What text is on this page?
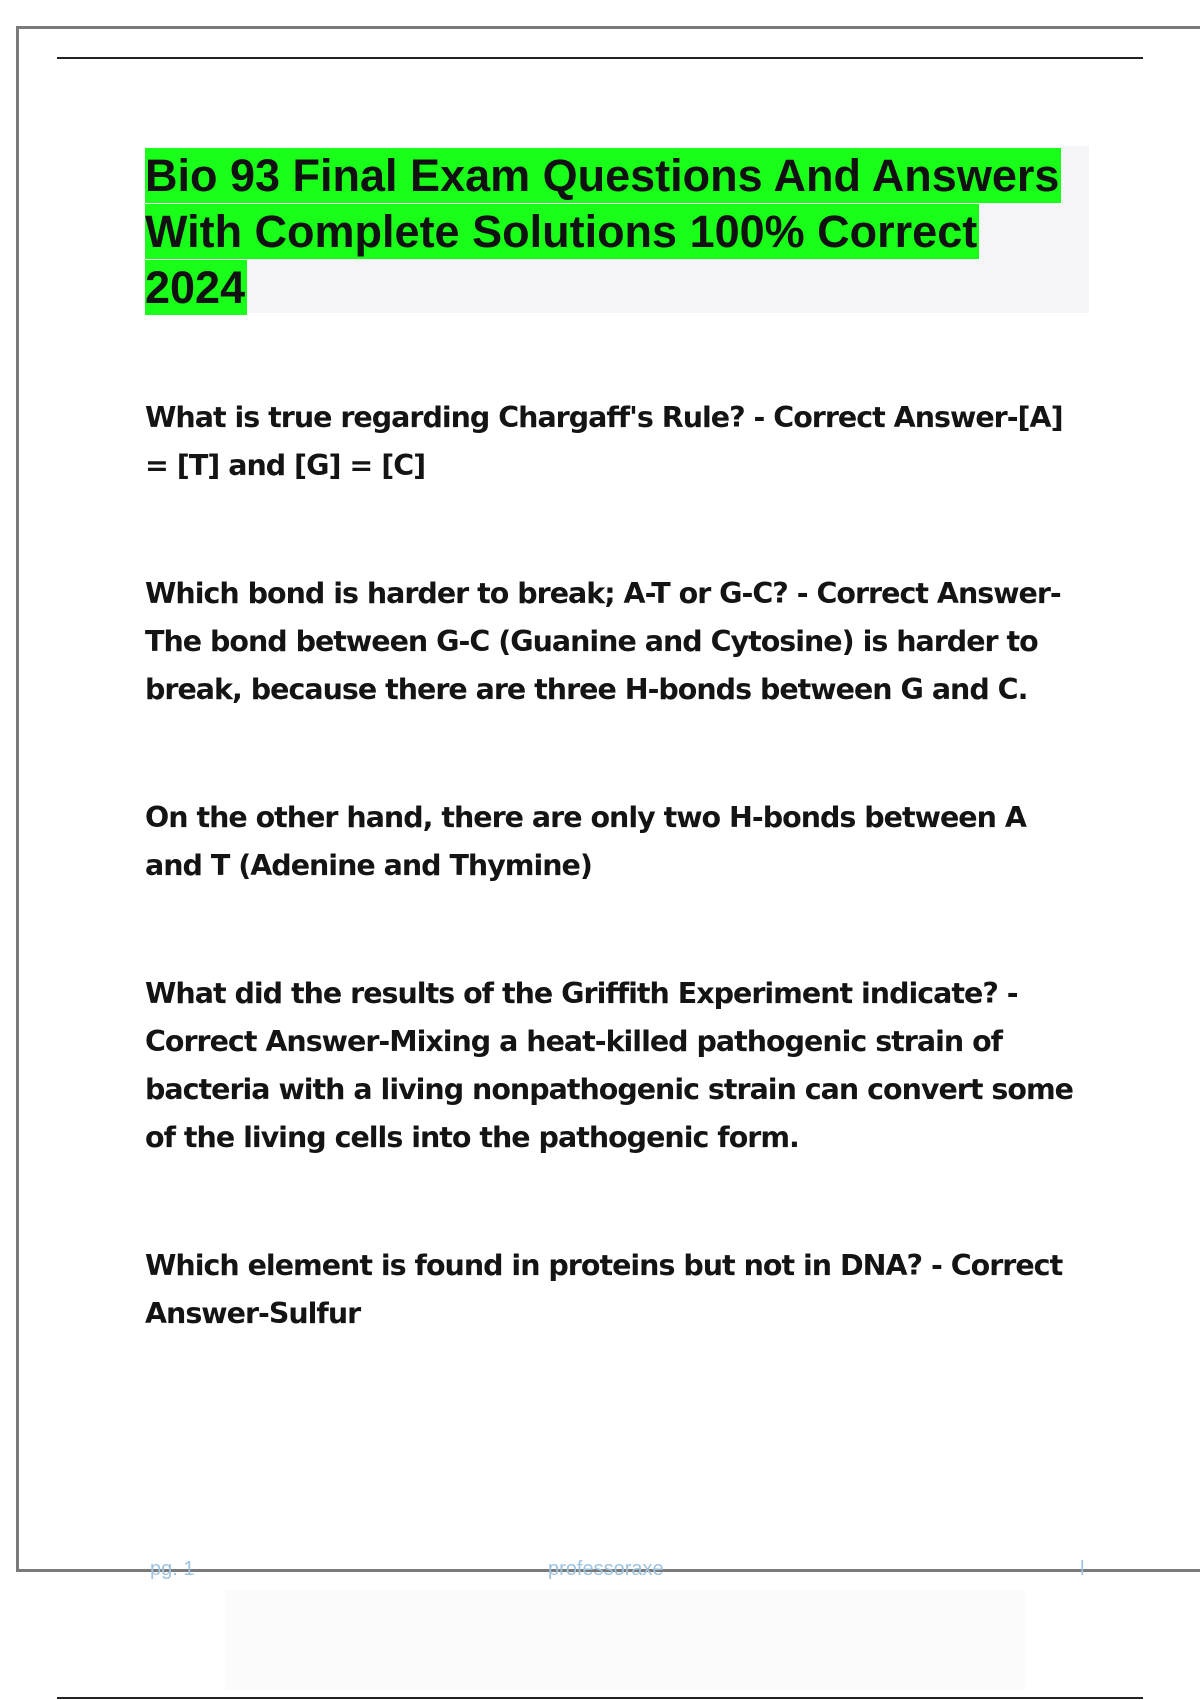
Bio 93 Final Exam Questions And Answers With Complete Solutions 100% Correct 2024

What is true regarding Chargaff's Rule? - Correct Answer-[A] = [T] and [G] = [C]

Which bond is harder to break; A-T or G-C? - Correct Answer-The bond between G-C (Guanine and Cytosine) is harder to break, because there are three H-bonds between G and C.

On the other hand, there are only two H-bonds between A and T (Adenine and Thymine)

What did the results of the Griffith Experiment indicate? - Correct Answer-Mixing a heat-killed pathogenic strain of bacteria with a living nonpathogenic strain can convert some of the living cells into the pathogenic form.

Which element is found in proteins but not in DNA? - Correct Answer-Sulfur

pg. 1	professoraxe	l
